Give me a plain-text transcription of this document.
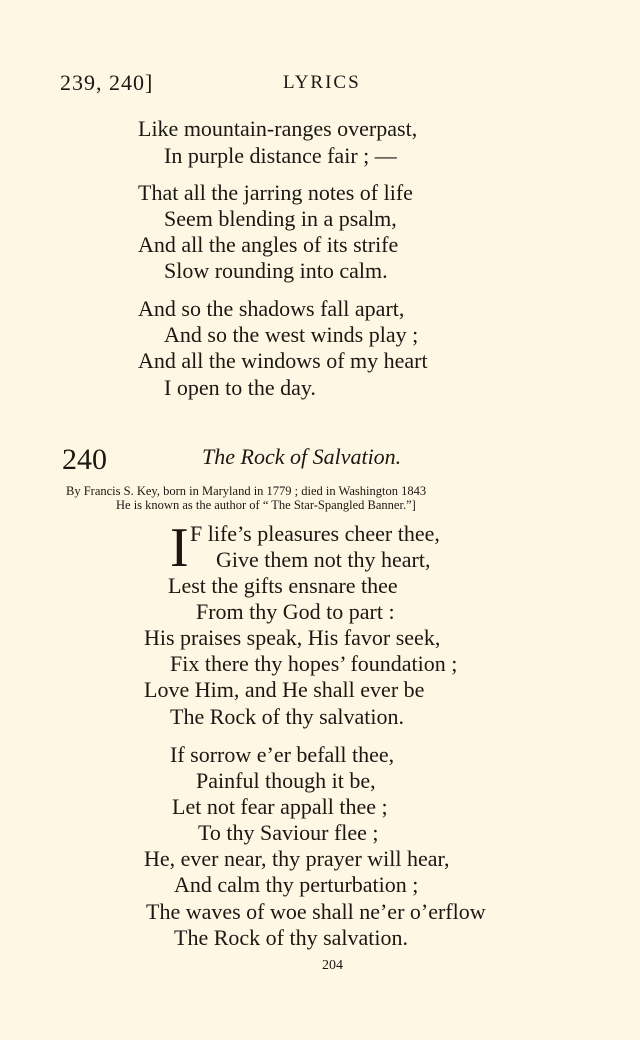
239, 240]	LYRICS
Like mountain-ranges overpast,
In purple distance fair ; —
That all the jarring notes of life
Seem blending in a psalm,
And all the angles of its strife
Slow rounding into calm.
And so the shadows fall apart,
And so the west winds play ;
And all the windows of my heart
I open to the day.
240	The Rock of Salvation.
By Francis S. Key, born in Maryland in 1779 ; died in Washington 1843
He is known as the author of “ The Star-Spangled Banner.”]
I F life’s pleasures cheer thee,
Give them not thy heart,
Lest the gifts ensnare thee
From thy God to part :
His praises speak, His favor seek,
Fix there thy hopes’ foundation ;
Love Him, and He shall ever be
The Rock of thy salvation.
If sorrow e’er befall thee,
Painful though it be,
Let not fear appall thee ;
To thy Saviour flee ;
He, ever near, thy prayer will hear,
And calm thy perturbation ;
The waves of woe shall ne’er o’erflow
The Rock of thy salvation.
204
